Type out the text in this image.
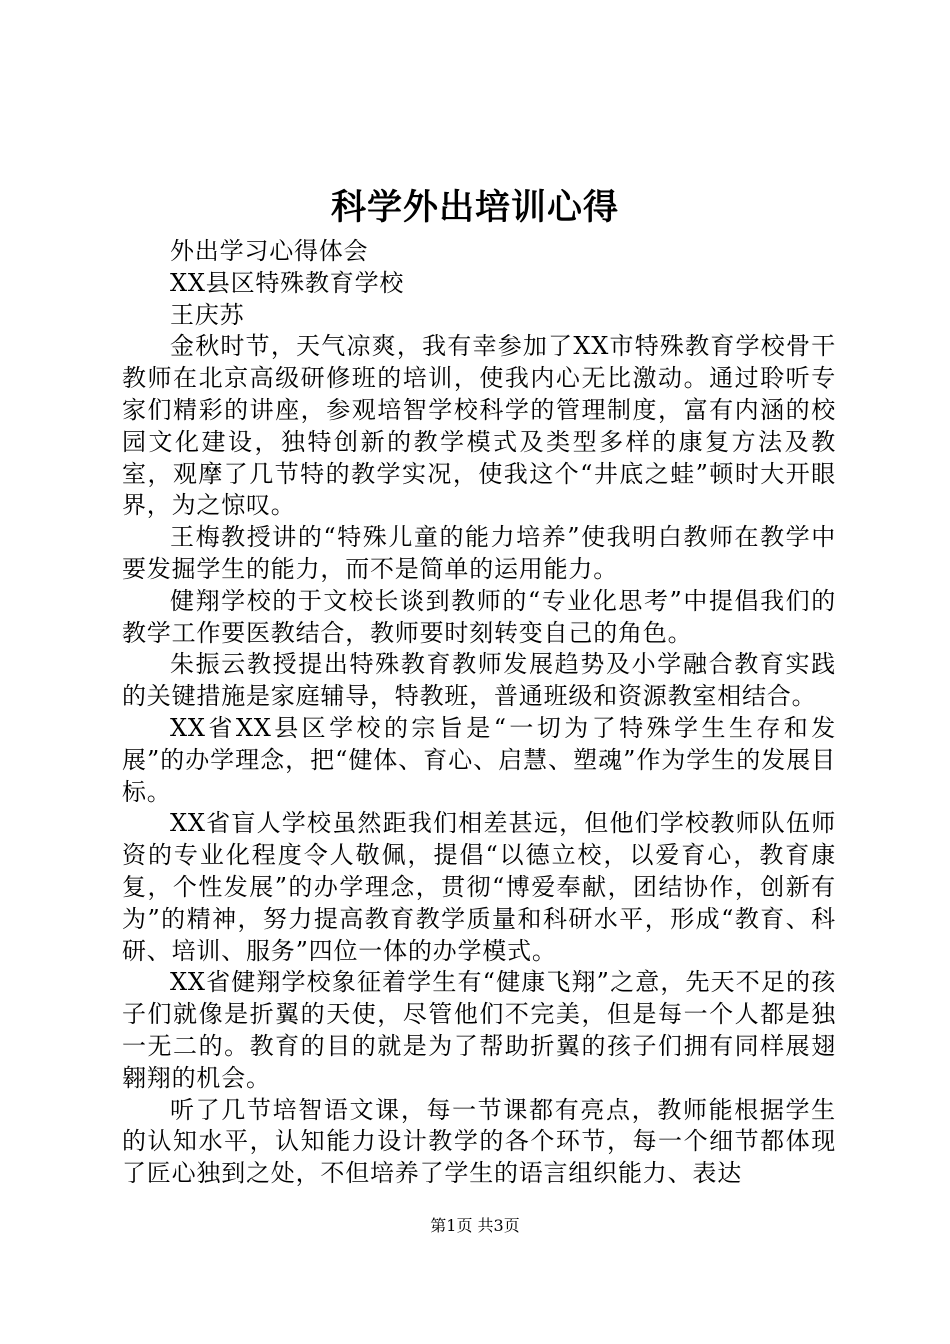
科学外出培训心得

外出学习心得体会

XX县区特殊教育学校

王庆苏

金秋时节，天气凉爽，我有幸参加了XX市特殊教育学校骨干教师在北京高级研修班的培训，使我内心无比激动。通过聆听专家们精彩的讲座，参观培智学校科学的管理制度，富有内涵的校园文化建设，独特创新的教学模式及类型多样的康复方法及教室，观摩了几节特的教学实况，使我这个“井底之蛙”顿时大开眼界，为之惊叹。

王梅教授讲的“特殊儿童的能力培养”使我明白教师在教学中要发掘学生的能力，而不是简单的运用能力。

健翔学校的于文校长谈到教师的“专业化思考”中提倡我们的教学工作要医教结合，教师要时刻转变自己的角色。

朱振云教授提出特殊教育教师发展趋势及小学融合教育实践的关键措施是家庭辅导，特教班，普通班级和资源教室相结合。

XX省XX县区学校的宗旨是“一切为了特殊学生生存和发展”的办学理念，把“健体、育心、启慧、塑魂”作为学生的发展目标。

XX省盲人学校虽然距我们相差甚远，但他们学校教师队伍师资的专业化程度令人敬佩，提倡“以德立校，以爱育心，教育康复，个性发展”的办学理念，贯彻“博爱奉献，团结协作，创新有为”的精神，努力提高教育教学质量和科研水平，形成“教育、科研、培训、服务”四位一体的办学模式。

XX省健翔学校象征着学生有“健康飞翔”之意，先天不足的孩子们就像是折翼的天使，尽管他们不完美，但是每一个人都是独一无二的。教育的目的就是为了帮助折翼的孩子们拥有同样展翅翱翔的机会。

听了几节培智语文课，每一节课都有亮点，教师能根据学生的认知水平，认知能力设计教学的各个环节，每一个细节都体现了匠心独到之处，不但培养了学生的语言组织能力、表达

第1页 共3页
